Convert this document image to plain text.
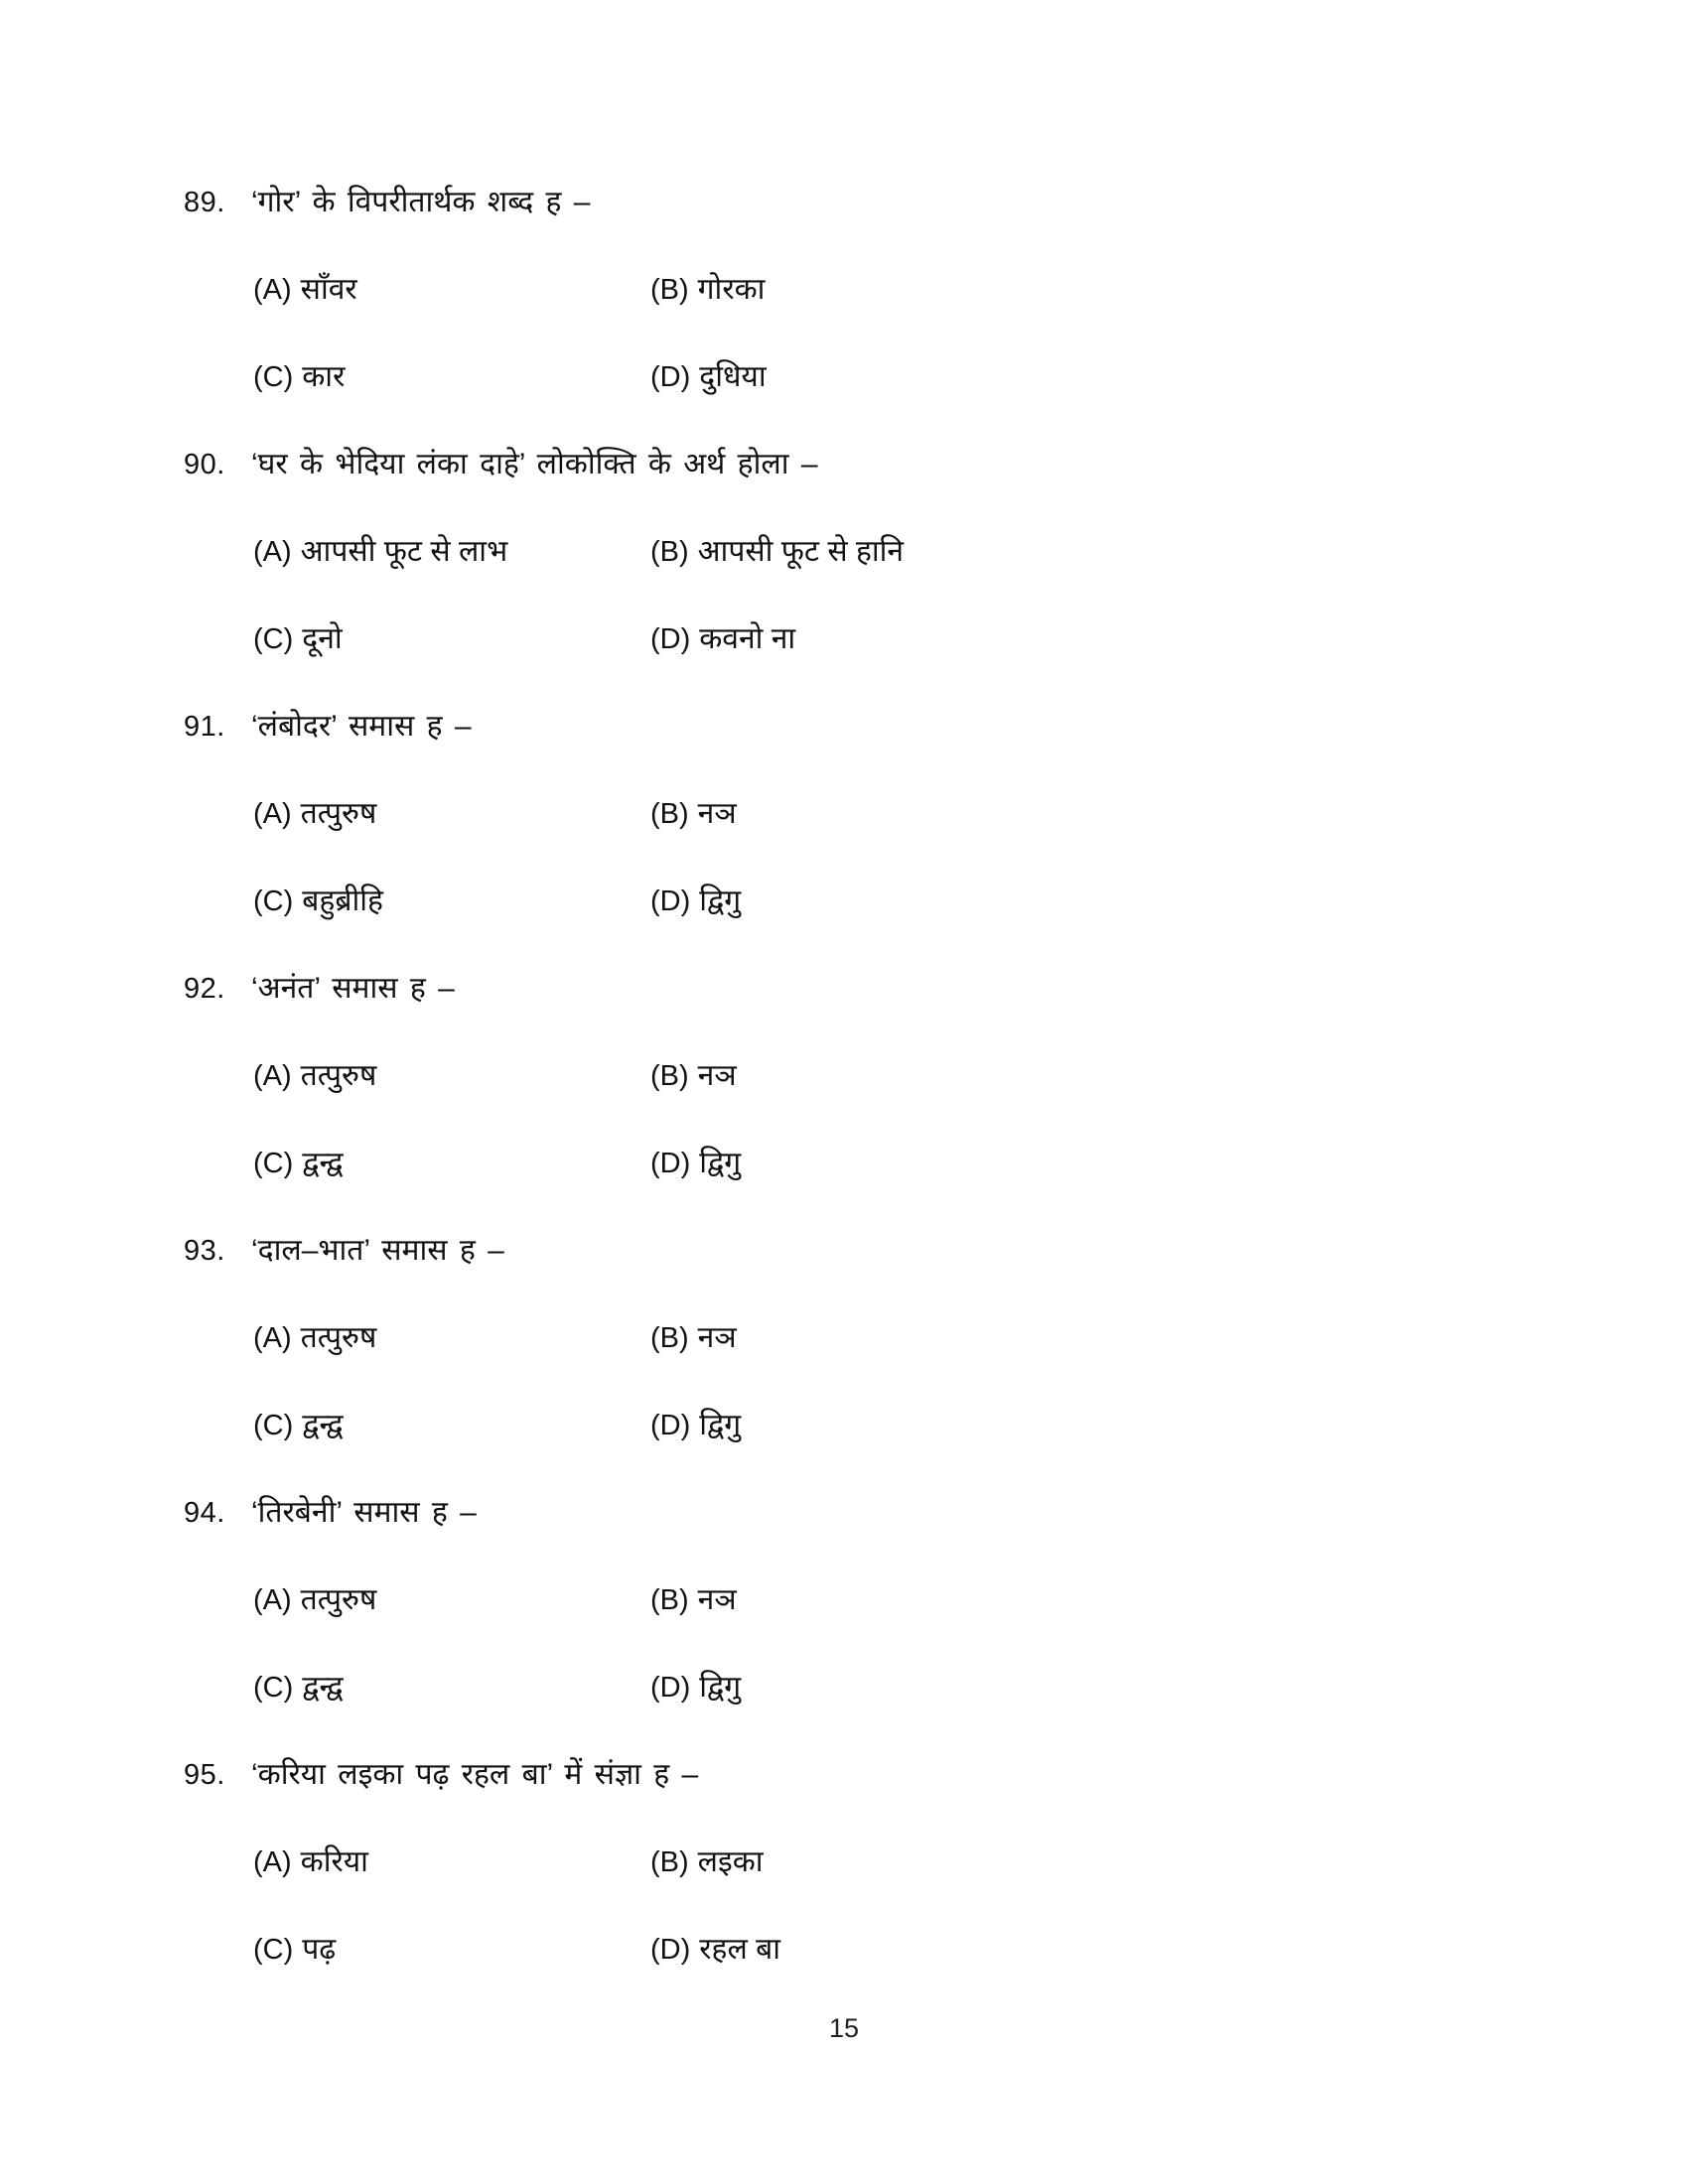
89. ‘गोर’ के विपरीतार्थक शब्द ह –
(A) साँवर	(B) गोरका
(C) कार	(D) दुधिया
90. ‘घर के भेदिया लंका दाहे’ लोकोक्ति के अर्थ होला –
(A) आपसी फूट से लाभ	(B) आपसी फूट से हानि
(C) दूनो	(D) कवनो ना
91. ‘लंबोदर’ समास ह –
(A) तत्पुरुष	(B) नञ
(C) बहुब्रीहि	(D) द्विगु
92. ‘अनंत’ समास ह –
(A) तत्पुरुष	(B) नञ
(C) द्वन्द्व	(D) द्विगु
93. ‘दाल–भात’ समास ह –
(A) तत्पुरुष	(B) नञ
(C) द्वन्द्व	(D) द्विगु
94. ‘तिरबेनी’ समास ह –
(A) तत्पुरुष	(B) नञ
(C) द्वन्द्व	(D) द्विगु
95. ‘करिया लइका पढ़ रहल बा’ में संज्ञा ह –
(A) करिया	(B) लइका
(C) पढ़	(D) रहल बा
15
